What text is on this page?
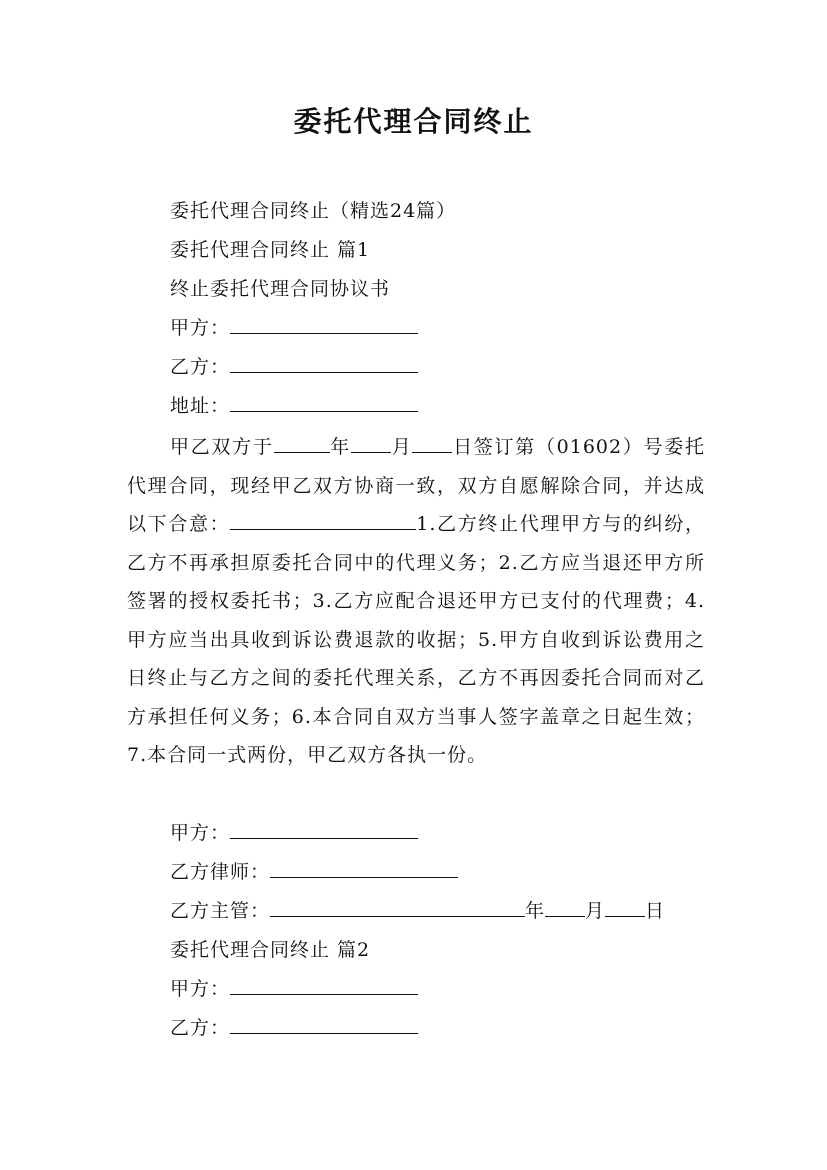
委托代理合同终止
委托代理合同终止（精选24篇）
委托代理合同终止 篇1
终止委托代理合同协议书
甲方：
乙方：
地址：
甲乙双方于	年 月 日签订第（01602）号委托代理合同，现经甲乙双方协商一致，双方自愿解除合同，并达成以下合意：	1.乙方终止代理甲方与的纠纷，乙方不再承担原委托合同中的代理义务；2.乙方应当退还甲方所签署的授权委托书；3.乙方应配合退还甲方已支付的代理费；4.甲方应当出具收到诉讼费退款的收据；5.甲方自收到诉讼费用之日终止与乙方之间的委托代理关系，乙方不再因委托合同而对乙方承担任何义务；6.本合同自双方当事人签字盖章之日起生效；7.本合同一式两份，甲乙双方各执一份。
甲方：
乙方律师：
乙方主管：	年 月 日
委托代理合同终止 篇2
甲方：
乙方：
